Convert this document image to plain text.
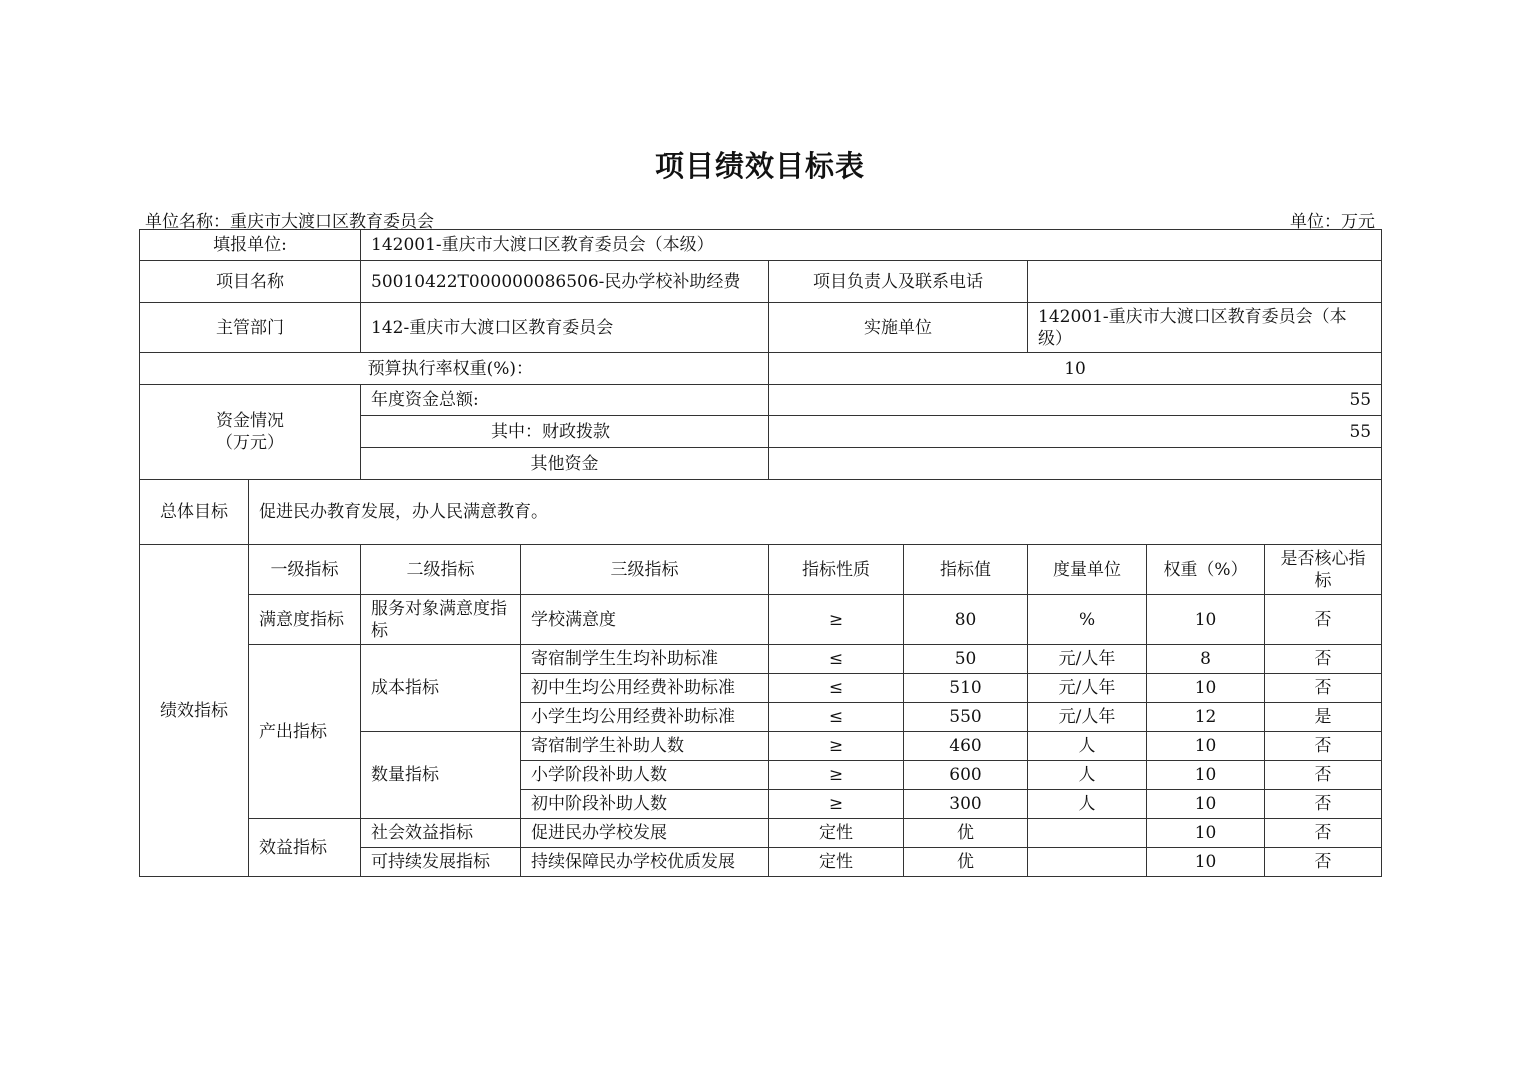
项目绩效目标表
单位名称：重庆市大渡口区教育委员会	单位：万元
填报单位:		142001-重庆市大渡口区教育委员会（本级）						
项目名称		50010422T000000086506-民办学校补助经费		项目负责人及联系电话				
主管部门		142-重庆市大渡口区教育委员会		实施单位		142001-重庆市大渡口区教育委员会（本级）		
预算执行率权重(%)：				10				

资金情况
（万元）		年度资金总额:		55				
		其中：财政拨款		55				
		其他资金						
总体目标	促进民办教育发展，办人民满意教育。							
绩效指标	一级指标	二级指标	三级指标	指标性质	指标值	度量单位	权重（%）	是否核心指标
	满意度指标	服务对象满意度指标	学校满意度	≥	80	%	10	否
	产出指标	成本指标	寄宿制学生生均补助标准	≤	50	元/人年	8	否
			初中生均公用经费补助标准	≤	510	元/人年	10	否
			小学生均公用经费补助标准	≤	550	元/人年	12	是
		数量指标	寄宿制学生补助人数	≥	460	人	10	否
			小学阶段补助人数	≥	600	人	10	否
			初中阶段补助人数	≥	300	人	10	否
	效益指标	社会效益指标	促进民办学校发展	定性	优		10	否
		可持续发展指标	持续保障民办学校优质发展	定性	优		10	否
